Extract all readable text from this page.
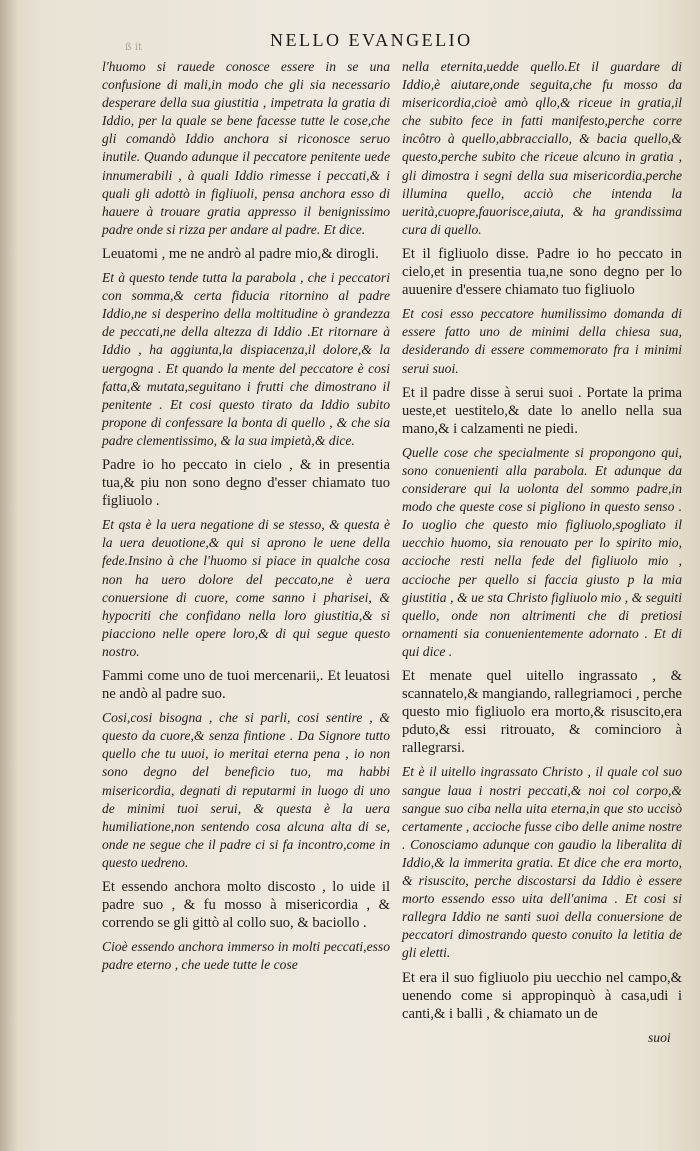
ß it	NELLO EVANGELIO

l'huomo si rauede conosce essere in se una confusione di mali,in modo che gli sia necessario desperare della sua giustitia , impetrata la gratia di Iddio, per la quale se bene facesse tutte le cose,che gli comandò Iddio anchora si riconosce seruo inutile. Quando adunque il peccatore penitente uede innumerabili , à quali Iddio rimesse i peccati,& i quali gli adottò in figliuoli, pensa anchora esso di hauere à trouare gratia appresso il benignissimo padre onde si rizza per andare al padre. Et dice.

Leuatomi , me ne andrò al padre mio,& dirogli.

Et à questo tende tutta la parabola , che i peccatori con somma,& certa fiducia ritornino al padre Iddio,ne si desperino della moltitudine ò grandezza de peccati,ne della altezza di Iddio .Et ritornare à Iddio , ha aggiunta,la dispiacenza,il dolore,& la uergogna . Et quando la mente del peccatore è cosi fatta,& mutata,seguitano i frutti che dimostrano il penitente . Et cosi questo tirato da Iddio subito propone di confessare la bonta di quello , & che sia padre clementissimo, & la sua impietà,& dice.

Padre io ho peccato in cielo , & in presentia tua,& piu non sono degno d'esser chiamato tuo figliuolo .

Et qsta è la uera negatione di se stesso, & questa è la uera deuotione,& qui si aprono le uene della fede.Insino à che l'huomo si piace in qualche cosa non ha uero dolore del peccato,ne è uera conuersione di cuore, come sanno i pharisei, & hypocriti che confidano nella loro giustitia,& si piacciono nelle opere loro,& di qui segue questo nostro.

Fammi come uno de tuoi mercenarii,. Et leuatosi ne andò al padre suo.

Cosi,cosi bisogna , che si parli, cosi sentire , & questo da cuore,& senza fintione . Da Signore tutto quello che tu uuoi, io meritai eterna pena , io non sono degno del beneficio tuo, ma habbi misericordia, degnati di reputarmi in luogo di uno de minimi tuoi serui, & questa è la uera humiliatione,non sentendo cosa alcuna alta di se, onde ne segue che il padre ci si fa incontro,come in questo uedreno.

Et essendo anchora molto discosto , lo uide il padre suo , & fu mosso à misericordia , & correndo se gli gittò al collo suo, & baciollo .

Cioè essendo anchora immerso in molti peccati,esso padre eterno , che uede tutte le cose

nella eternita,uedde quello.Et il guardare di Iddio,è aiutare,onde seguita,che fu mosso da misericordia,cioè amò qllo,& riceue in gratia,il che subito fece in fatti manifesto,perche corre incôtro à quello,abbracciallo, & bacia quello,& questo,perche subito che riceue alcuno in gratia , gli dimostra i segni della sua misericordia,perche illumina quello, acciò che intenda la uerità,cuopre,fauorisce,aiuta, & ha grandissima cura di quello.

Et il figliuolo disse. Padre io ho peccato in cielo,et in presentia tua,ne sono degno per lo auuenire d'essere chiamato tuo figliuolo

Et cosi esso peccatore humilissimo domanda di essere fatto uno de minimi della chiesa sua, desiderando di essere commemorato fra i minimi serui suoi.

Et il padre disse à serui suoi . Portate la prima ueste,et uestitelo,& date lo anello nella sua mano,& i calzamenti ne piedi.

Quelle cose che specialmente si propongono qui, sono conuenienti alla parabola. Et adunque da considerare qui la uolonta del sommo padre,in modo che queste cose si pigliono in questo senso . Io uoglio che questo mio figliuolo,spogliato il uecchio huomo, sia renouato per lo spirito mio, accioche resti nella fede del figliuolo mio , accioche per quello si faccia giusto p la mia giustitia , & ue sta Christo figliuolo mio , & seguiti quello, onde non altrimenti che di pretiosi ornamenti sia conuenientemente adornato . Et di qui dice .

Et menate quel uitello ingrassato , & scannatelo,& mangiando, rallegriamoci , perche questo mio figliuolo era morto,& risuscito,era pduto,& essi ritrouato, & comincioro à rallegrarsi.

Et è il uitello ingrassato Christo , il quale col suo sangue laua i nostri peccati,& noi col corpo,& sangue suo ciba nella uita eterna,in que sto uccisò certamente , accioche fusse cibo delle anime nostre . Conosciamo adunque con gaudio la liberalita di Iddio,& la immerita gratia. Et dice che era morto, & risuscito, perche discostarsi da Iddio è essere morto essendo esso uita dell'anima . Et cosi si rallegra Iddio ne santi suoi della conuersione de peccatori dimostrando questo conuito la letitia de gli eletti.

Et era il suo figliuolo piu uecchio nel campo,& uenendo come si appropinquò à casa,udi i canti,& i balli , & chiamato un de

suoi
